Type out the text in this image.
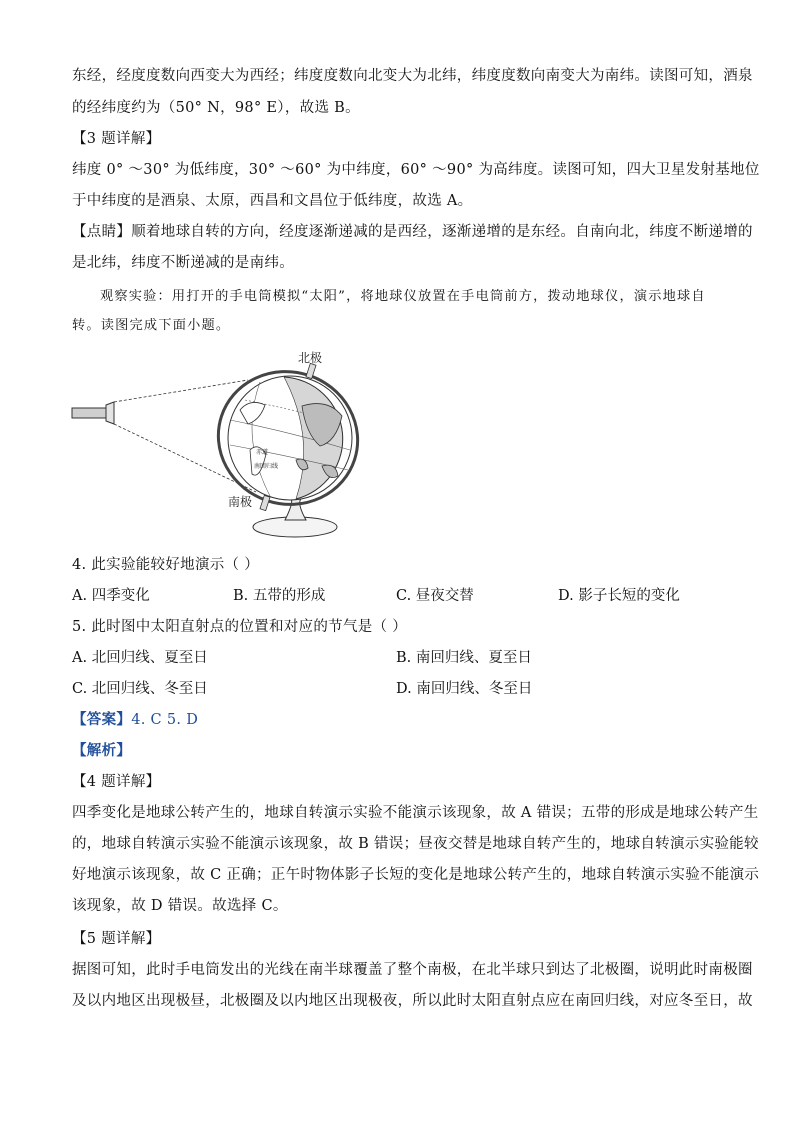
东经，经度度数向西变大为西经；纬度度数向北变大为北纬，纬度度数向南变大为南纬。读图可知，酒泉
的经纬度约为（50° N，98° E），故选 B。
【3 题详解】
纬度 0° ～30° 为低纬度，30° ～60° 为中纬度，60° ～90° 为高纬度。读图可知，四大卫星发射基地位
于中纬度的是酒泉、太原，西昌和文昌位于低纬度，故选 A。
【点睛】顺着地球自转的方向，经度逐渐递减的是西经，逐渐递增的是东经。自南向北，纬度不断递增的
是北纬，纬度不断递减的是南纬。
观察实验：用打开的手电筒模拟“太阳”，将地球仪放置在手电筒前方，拨动地球仪，演示地球自
转。读图完成下面小题。
赤道
南回归线
北极
南极
4. 此实验能较好地演示（ ）
A. 四季变化	B. 五带的形成	C. 昼夜交替	D. 影子长短的变化
5. 此时图中太阳直射点的位置和对应的节气是（ ）
A. 北回归线、夏至日	B. 南回归线、夏至日
C. 北回归线、冬至日	D. 南回归线、冬至日
【答案】4. C 5. D
【解析】
【4 题详解】
四季变化是地球公转产生的，地球自转演示实验不能演示该现象，故 A 错误；五带的形成是地球公转产生
的，地球自转演示实验不能演示该现象，故 B 错误；昼夜交替是地球自转产生的，地球自转演示实验能较
好地演示该现象，故 C 正确；正午时物体影子长短的变化是地球公转产生的，地球自转演示实验不能演示
该现象，故 D 错误。故选择 C。
【5 题详解】
据图可知，此时手电筒发出的光线在南半球覆盖了整个南极，在北半球只到达了北极圈，说明此时南极圈
及以内地区出现极昼，北极圈及以内地区出现极夜，所以此时太阳直射点应在南回归线，对应冬至日，故
